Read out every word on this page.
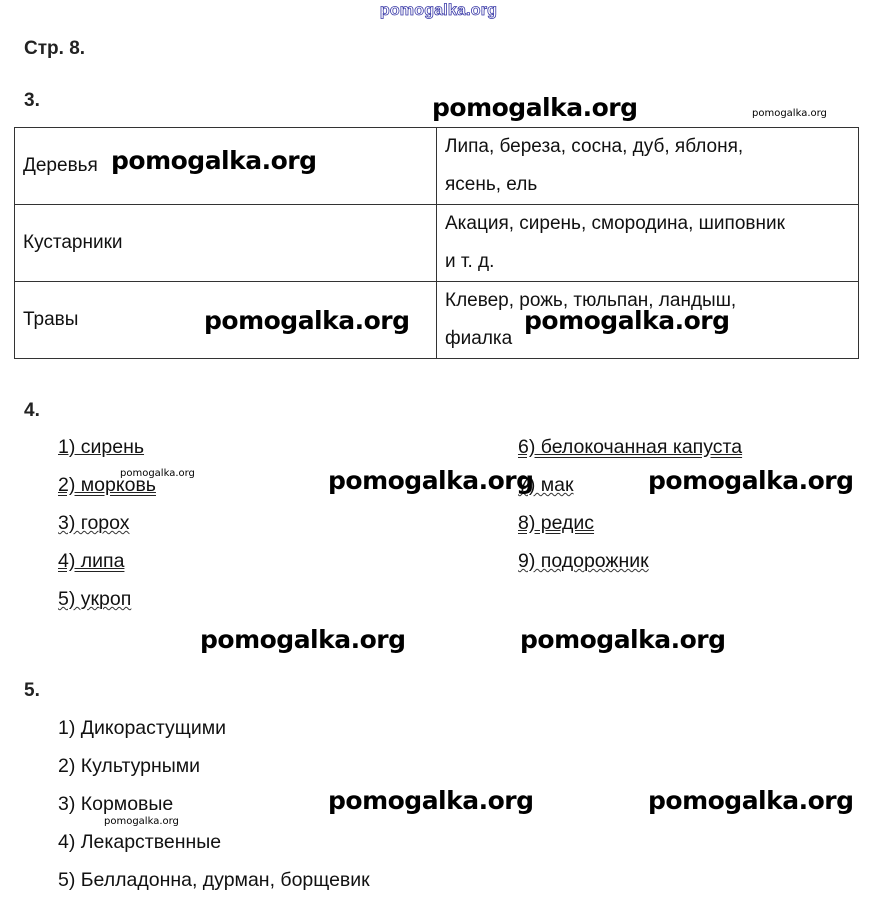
pomogalka.org
Стр. 8.
3.
Деревья	Липа, береза, сосна, дуб, яблоня,
ясень, ель

Кустарники	Акация, сирень, смородина, шиповник
и т. д.

Травы	Клевер, рожь, тюльпан, ландыш,
фиалка
4.
1) сирень
2) морковь
3) горох
4) липа
5) укроп
6) белокочанная капуста
7) мак
8) редис
9) подорожник
5.
1) Дикорастущими
2) Культурными
3) Кормовые
4) Лекарственные
5) Белладонна, дурман, борщевик
pomogalka.org	pomogalka.org
pomogalka.org
pomogalka.org	pomogalka.org
pomogalka.org	pomogalka.org	pomogalka.org
pomogalka.org	pomogalka.org
pomogalka.org	pomogalka.org
pomogalka.org
